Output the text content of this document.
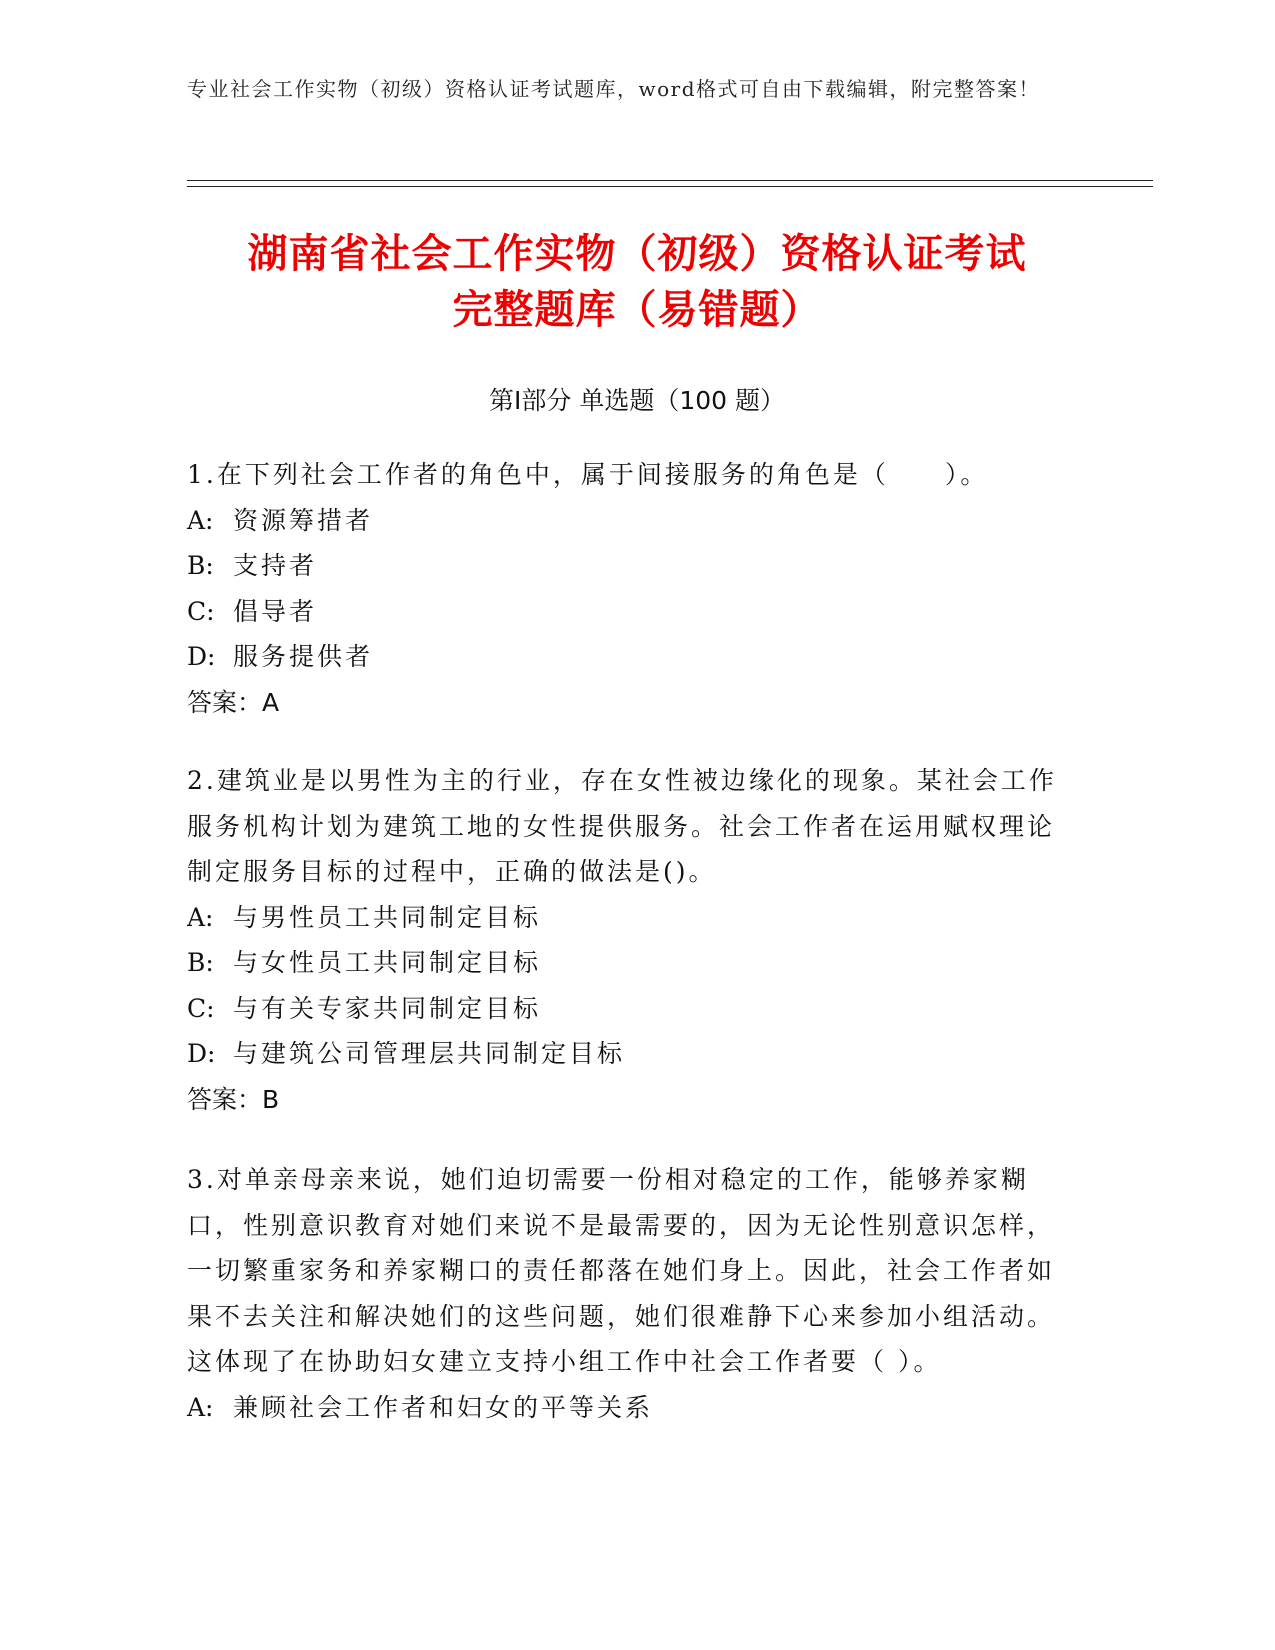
专业社会工作实物（初级）资格认证考试题库，word格式可自由下载编辑，附完整答案！
湖南省社会工作实物（初级）资格认证考试
完整题库（易错题）
第Ⅰ部分 单选题（100 题）
1.在下列社会工作者的角色中，属于间接服务的角色是（　　）。
A: 资源筹措者
B: 支持者
C: 倡导者
D: 服务提供者
答案：A
2.建筑业是以男性为主的行业，存在女性被边缘化的现象。某社会工作服务机构计划为建筑工地的女性提供服务。社会工作者在运用赋权理论制定服务目标的过程中，正确的做法是()。
A: 与男性员工共同制定目标
B: 与女性员工共同制定目标
C: 与有关专家共同制定目标
D: 与建筑公司管理层共同制定目标
答案：B
3.对单亲母亲来说，她们迫切需要一份相对稳定的工作，能够养家糊口，性别意识教育对她们来说不是最需要的，因为无论性别意识怎样，一切繁重家务和养家糊口的责任都落在她们身上。因此，社会工作者如果不去关注和解决她们的这些问题，她们很难静下心来参加小组活动。这体现了在协助妇女建立支持小组工作中社会工作者要（ ）。
A: 兼顾社会工作者和妇女的平等关系
